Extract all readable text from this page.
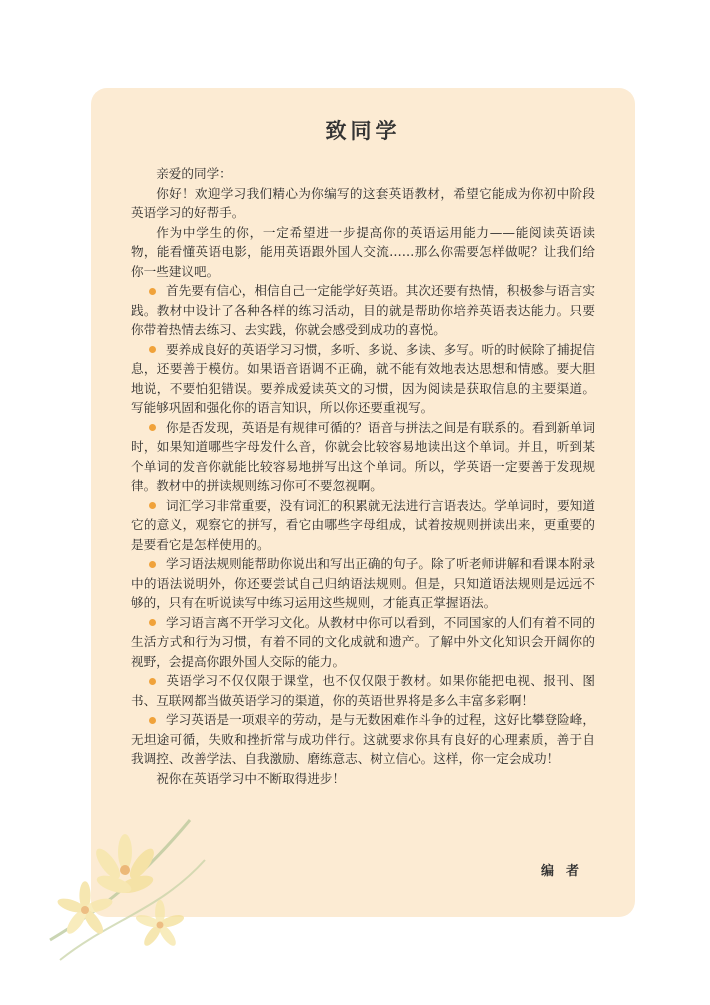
致同学

亲爱的同学：

你好！欢迎学习我们精心为你编写的这套英语教材，希望它能成为你初中阶段英语学习的好帮手。

作为中学生的你，一定希望进一步提高你的英语运用能力——能阅读英语读物，能看懂英语电影，能用英语跟外国人交流……那么你需要怎样做呢？让我们给你一些建议吧。

首先要有信心，相信自己一定能学好英语。其次还要有热情，积极参与语言实践。教材中设计了各种各样的练习活动，目的就是帮助你培养英语表达能力。只要你带着热情去练习、去实践，你就会感受到成功的喜悦。

要养成良好的英语学习习惯，多听、多说、多读、多写。听的时候除了捕捉信息，还要善于模仿。如果语音语调不正确，就不能有效地表达思想和情感。要大胆地说，不要怕犯错误。要养成爱读英文的习惯，因为阅读是获取信息的主要渠道。写能够巩固和强化你的语言知识，所以你还要重视写。

你是否发现，英语是有规律可循的？语音与拼法之间是有联系的。看到新单词时，如果知道哪些字母发什么音，你就会比较容易地读出这个单词。并且，听到某个单词的发音你就能比较容易地拼写出这个单词。所以，学英语一定要善于发现规律。教材中的拼读规则练习你可不要忽视啊。

词汇学习非常重要，没有词汇的积累就无法进行言语表达。学单词时，要知道它的意义，观察它的拼写，看它由哪些字母组成，试着按规则拼读出来，更重要的是要看它是怎样使用的。

学习语法规则能帮助你说出和写出正确的句子。除了听老师讲解和看课本附录中的语法说明外，你还要尝试自己归纳语法规则。但是，只知道语法规则是远远不够的，只有在听说读写中练习运用这些规则，才能真正掌握语法。

学习语言离不开学习文化。从教材中你可以看到，不同国家的人们有着不同的生活方式和行为习惯，有着不同的文化成就和遗产。了解中外文化知识会开阔你的视野，会提高你跟外国人交际的能力。

英语学习不仅仅限于课堂，也不仅仅限于教材。如果你能把电视、报刊、图书、互联网都当做英语学习的渠道，你的英语世界将是多么丰富多彩啊！

学习英语是一项艰辛的劳动，是与无数困难作斗争的过程，这好比攀登险峰，无坦途可循，失败和挫折常与成功伴行。这就要求你具有良好的心理素质，善于自我调控、改善学法、自我激励、磨练意志、树立信心。这样，你一定会成功！

祝你在英语学习中不断取得进步！

编者
